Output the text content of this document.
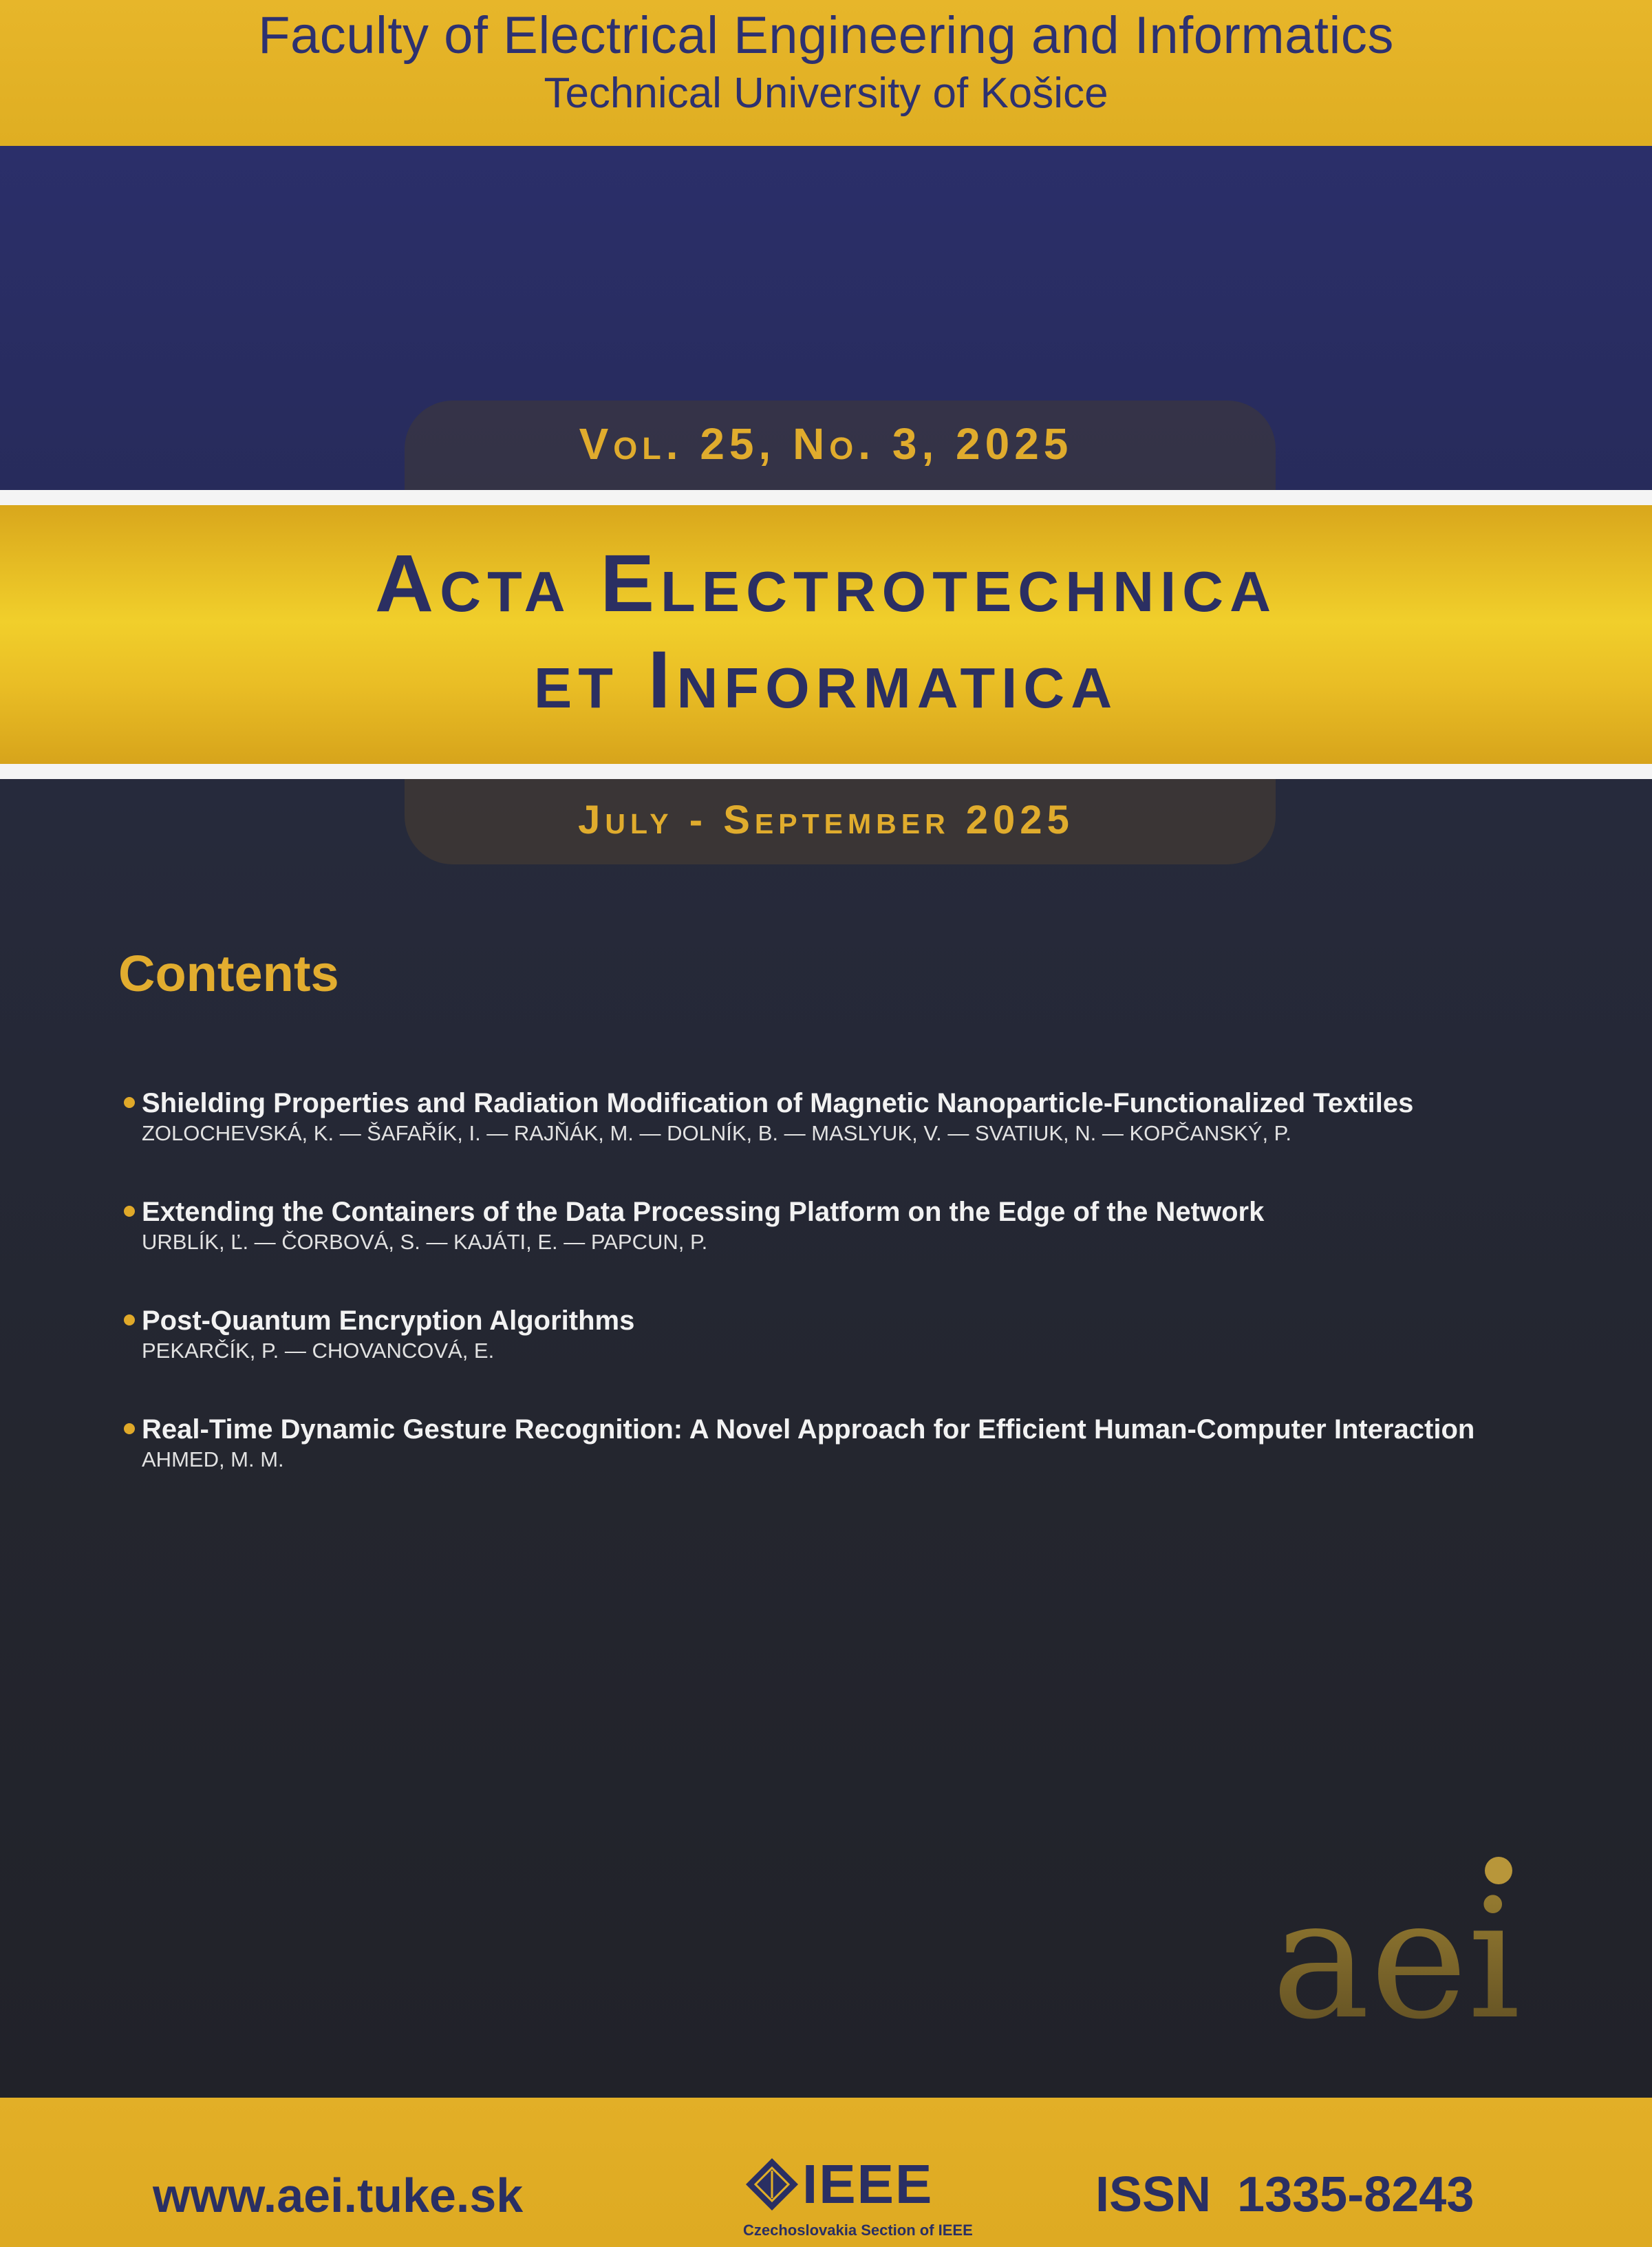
Faculty of Electrical Engineering and Informatics
Technical University of Košice
Vol. 25, No. 3, 2025
Acta Electrotechnica
et Informatica
July - September 2025
Contents
Shielding Properties and Radiation Modification of Magnetic Nanoparticle-Functionalized Textiles
ZOLOCHEVSKÁ, K. — ŠAFAŘÍK, I. — RAJŇÁK, M. — DOLNÍK, B. — MASLYUK, V. — SVATIUK, N. — KOPČANSKÝ, P.
Extending the Containers of the Data Processing Platform on the Edge of the Network
URBLÍK, Ľ. — ČORBOVÁ, S. — KAJÁTI, E. — PAPCUN, P.
Post-Quantum Encryption Algorithms
PEKARČÍK, P. — CHOVANCOVÁ, E.
Real-Time Dynamic Gesture Recognition: A Novel Approach for Efficient Human-Computer Interaction
AHMED, M. M.
aei
www.aei.tuke.sk	IEEE
Czechoslovakia Section of IEEE
ISSN 1335-8243
